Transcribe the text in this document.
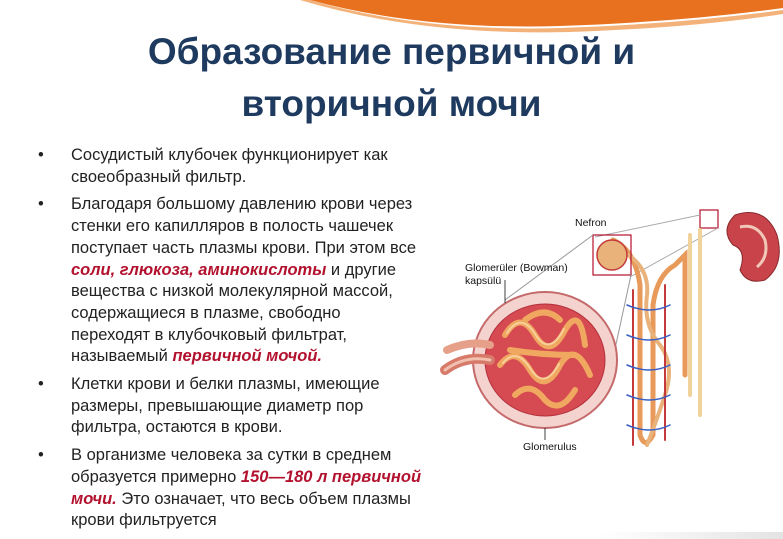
Образование первичной и
вторичной мочи
• Сосудистый клубочек функционирует как своеобразный фильтр.
• Благодаря большому давлению крови через стенки его капилляров в полость чашечек поступает часть плазмы крови. При этом все соли, глюкоза, аминокислоты и другие вещества с низкой молекулярной массой, содержащиеся в плазме, свободно переходят в клубочковый фильтрат, называемый первичной мочой.
• Клетки крови и белки плазмы, имеющие размеры, превышающие диаметр пор фильтра, остаются в крови.
• В организме человека за сутки в среднем образуется примерно 150—180 л первичной мочи. Это означает, что весь объем плазмы крови фильтруется
Nefron
Glomerüler (Bowman)
kapsülü
Glomerulus
